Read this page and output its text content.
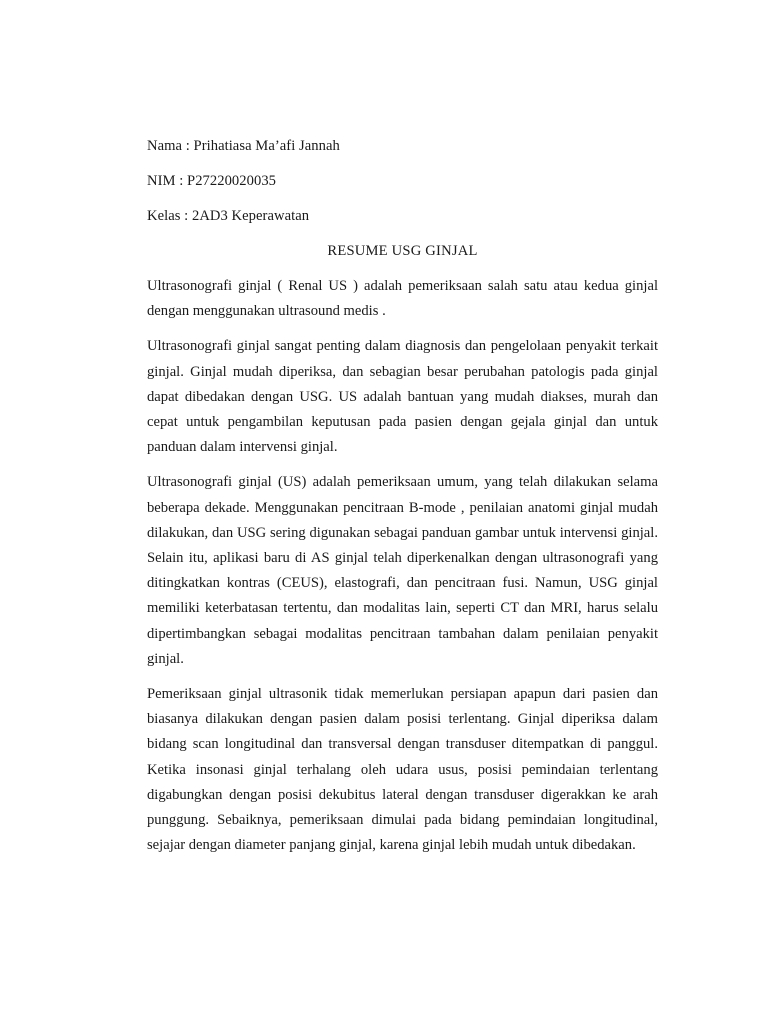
Nama : Prihatiasa Ma’afi Jannah

NIM : P27220020035

Kelas : 2AD3 Keperawatan

RESUME USG GINJAL

Ultrasonografi ginjal ( Renal US ) adalah pemeriksaan salah satu atau kedua ginjal dengan menggunakan ultrasound medis .

Ultrasonografi ginjal sangat penting dalam diagnosis dan pengelolaan penyakit terkait ginjal. Ginjal mudah diperiksa, dan sebagian besar perubahan patologis pada ginjal dapat dibedakan dengan USG. US adalah bantuan yang mudah diakses, murah dan cepat untuk pengambilan keputusan pada pasien dengan gejala ginjal dan untuk panduan dalam intervensi ginjal.

Ultrasonografi ginjal (US) adalah pemeriksaan umum, yang telah dilakukan selama beberapa dekade. Menggunakan pencitraan B-mode , penilaian anatomi ginjal mudah dilakukan, dan USG sering digunakan sebagai panduan gambar untuk intervensi ginjal. Selain itu, aplikasi baru di AS ginjal telah diperkenalkan dengan ultrasonografi yang ditingkatkan kontras (CEUS), elastografi, dan pencitraan fusi. Namun, USG ginjal memiliki keterbatasan tertentu, dan modalitas lain, seperti CT dan MRI, harus selalu dipertimbangkan sebagai modalitas pencitraan tambahan dalam penilaian penyakit ginjal.

Pemeriksaan ginjal ultrasonik tidak memerlukan persiapan apapun dari pasien dan biasanya dilakukan dengan pasien dalam posisi terlentang. Ginjal diperiksa dalam bidang scan longitudinal dan transversal dengan transduser ditempatkan di panggul. Ketika insonasi ginjal terhalang oleh udara usus, posisi pemindaian terlentang digabungkan dengan posisi dekubitus lateral dengan transduser digerakkan ke arah punggung. Sebaiknya, pemeriksaan dimulai pada bidang pemindaian longitudinal, sejajar dengan diameter panjang ginjal, karena ginjal lebih mudah untuk dibedakan.
